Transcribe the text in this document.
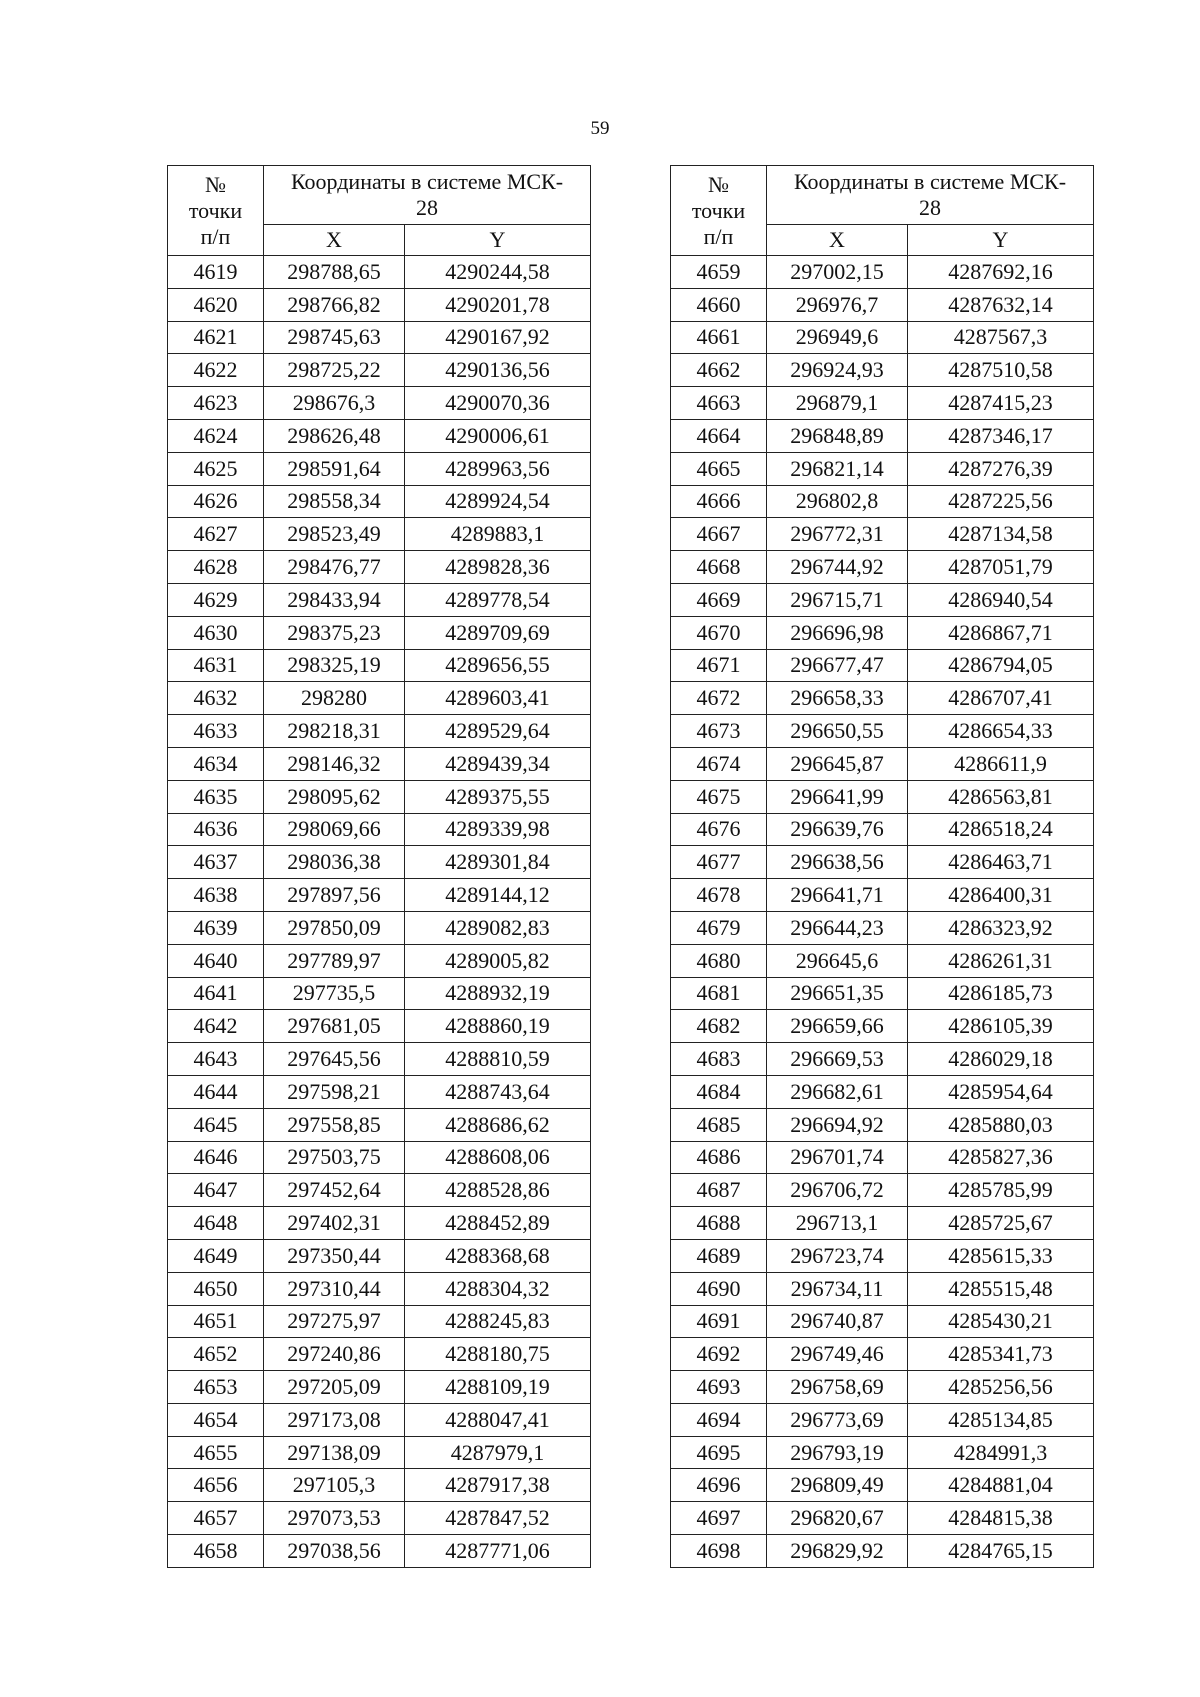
59
№
точки
п/п	Координаты в системе МСК-
28	

	X	Y
4619	298788,65	4290244,58
4620	298766,82	4290201,78
4621	298745,63	4290167,92
4622	298725,22	4290136,56
4623	298676,3	4290070,36
4624	298626,48	4290006,61
4625	298591,64	4289963,56
4626	298558,34	4289924,54
4627	298523,49	4289883,1
4628	298476,77	4289828,36
4629	298433,94	4289778,54
4630	298375,23	4289709,69
4631	298325,19	4289656,55
4632	298280	4289603,41
4633	298218,31	4289529,64
4634	298146,32	4289439,34
4635	298095,62	4289375,55
4636	298069,66	4289339,98
4637	298036,38	4289301,84
4638	297897,56	4289144,12
4639	297850,09	4289082,83
4640	297789,97	4289005,82
4641	297735,5	4288932,19
4642	297681,05	4288860,19
4643	297645,56	4288810,59
4644	297598,21	4288743,64
4645	297558,85	4288686,62
4646	297503,75	4288608,06
4647	297452,64	4288528,86
4648	297402,31	4288452,89
4649	297350,44	4288368,68
4650	297310,44	4288304,32
4651	297275,97	4288245,83
4652	297240,86	4288180,75
4653	297205,09	4288109,19
4654	297173,08	4288047,41
4655	297138,09	4287979,1
4656	297105,3	4287917,38
4657	297073,53	4287847,52
4658	297038,56	4287771,06
№
точки
п/п	Координаты в системе МСК-
28	

	X	Y
4659	297002,15	4287692,16
4660	296976,7	4287632,14
4661	296949,6	4287567,3
4662	296924,93	4287510,58
4663	296879,1	4287415,23
4664	296848,89	4287346,17
4665	296821,14	4287276,39
4666	296802,8	4287225,56
4667	296772,31	4287134,58
4668	296744,92	4287051,79
4669	296715,71	4286940,54
4670	296696,98	4286867,71
4671	296677,47	4286794,05
4672	296658,33	4286707,41
4673	296650,55	4286654,33
4674	296645,87	4286611,9
4675	296641,99	4286563,81
4676	296639,76	4286518,24
4677	296638,56	4286463,71
4678	296641,71	4286400,31
4679	296644,23	4286323,92
4680	296645,6	4286261,31
4681	296651,35	4286185,73
4682	296659,66	4286105,39
4683	296669,53	4286029,18
4684	296682,61	4285954,64
4685	296694,92	4285880,03
4686	296701,74	4285827,36
4687	296706,72	4285785,99
4688	296713,1	4285725,67
4689	296723,74	4285615,33
4690	296734,11	4285515,48
4691	296740,87	4285430,21
4692	296749,46	4285341,73
4693	296758,69	4285256,56
4694	296773,69	4285134,85
4695	296793,19	4284991,3
4696	296809,49	4284881,04
4697	296820,67	4284815,38
4698	296829,92	4284765,15
